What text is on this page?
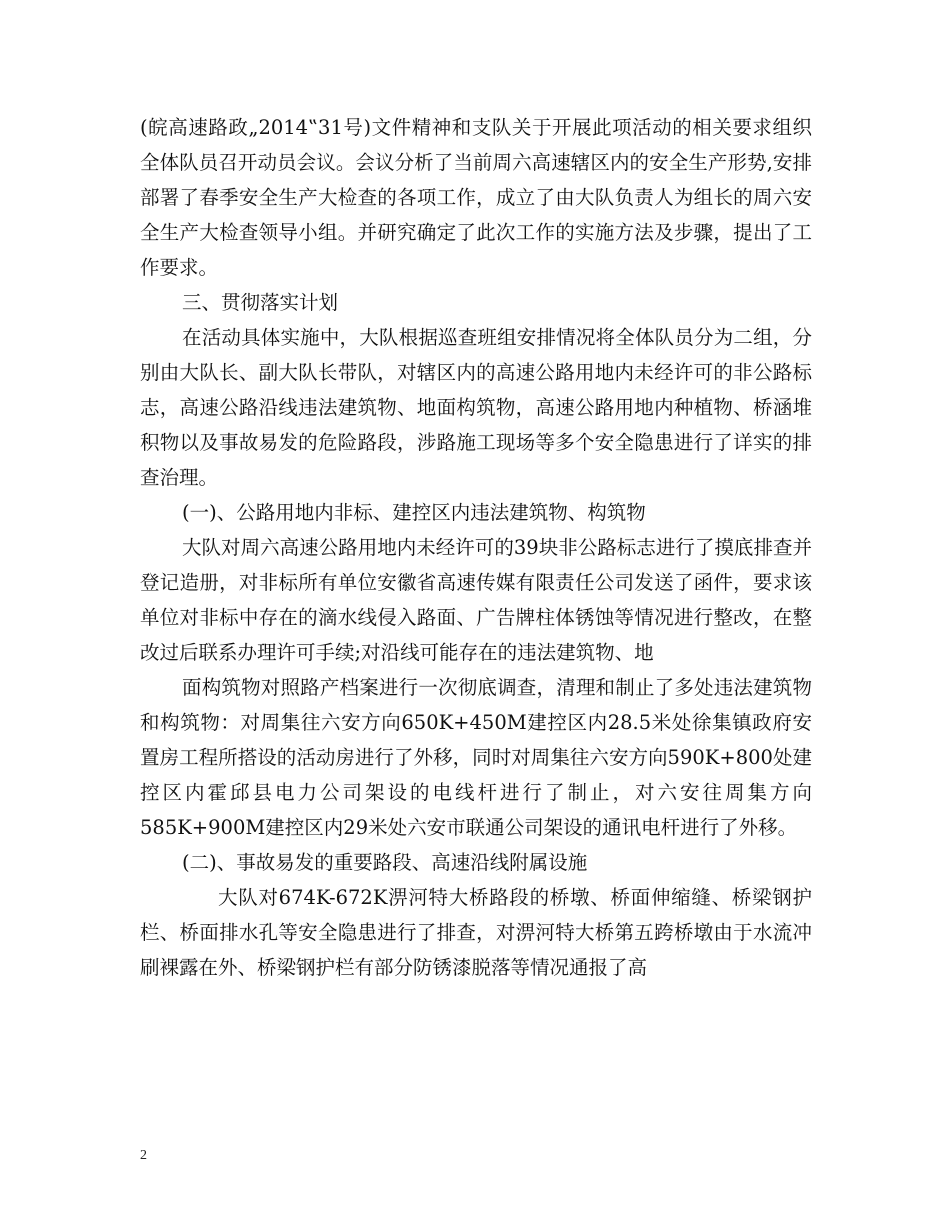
(皖高速路政„2014‟31号)文件精神和支队关于开展此项活动的相关要求组织全体队员召开动员会议。会议分析了当前周六高速辖区内的安全生产形势,安排部署了春季安全生产大检查的各项工作，成立了由大队负责人为组长的周六安全生产大检查领导小组。并研究确定了此次工作的实施方法及步骤，提出了工作要求。

三、贯彻落实计划

在活动具体实施中，大队根据巡查班组安排情况将全体队员分为二组，分别由大队长、副大队长带队，对辖区内的高速公路用地内未经许可的非公路标志，高速公路沿线违法建筑物、地面构筑物，高速公路用地内种植物、桥涵堆积物以及事故易发的危险路段，涉路施工现场等多个安全隐患进行了详实的排查治理。

(一)、公路用地内非标、建控区内违法建筑物、构筑物

大队对周六高速公路用地内未经许可的39块非公路标志进行了摸底排查并登记造册，对非标所有单位安徽省高速传媒有限责任公司发送了函件，要求该单位对非标中存在的滴水线侵入路面、广告牌柱体锈蚀等情况进行整改，在整改过后联系办理许可手续;对沿线可能存在的违法建筑物、地

面构筑物对照路产档案进行一次彻底调查，清理和制止了多处违法建筑物和构筑物：对周集往六安方向650K+450M建控区内28.5米处徐集镇政府安置房工程所搭设的活动房进行了外移，同时对周集往六安方向590K+800处建控区内霍邱县电力公司架设的电线杆进行了制止，对六安往周集方向585K+900M建控区内29米处六安市联通公司架设的通讯电杆进行了外移。

(二)、事故易发的重要路段、高速沿线附属设施

大队对674K-672K淠河特大桥路段的桥墩、桥面伸缩缝、桥梁钢护栏、桥面排水孔等安全隐患进行了排查，对淠河特大桥第五跨桥墩由于水流冲刷裸露在外、桥梁钢护栏有部分防锈漆脱落等情况通报了高

2
